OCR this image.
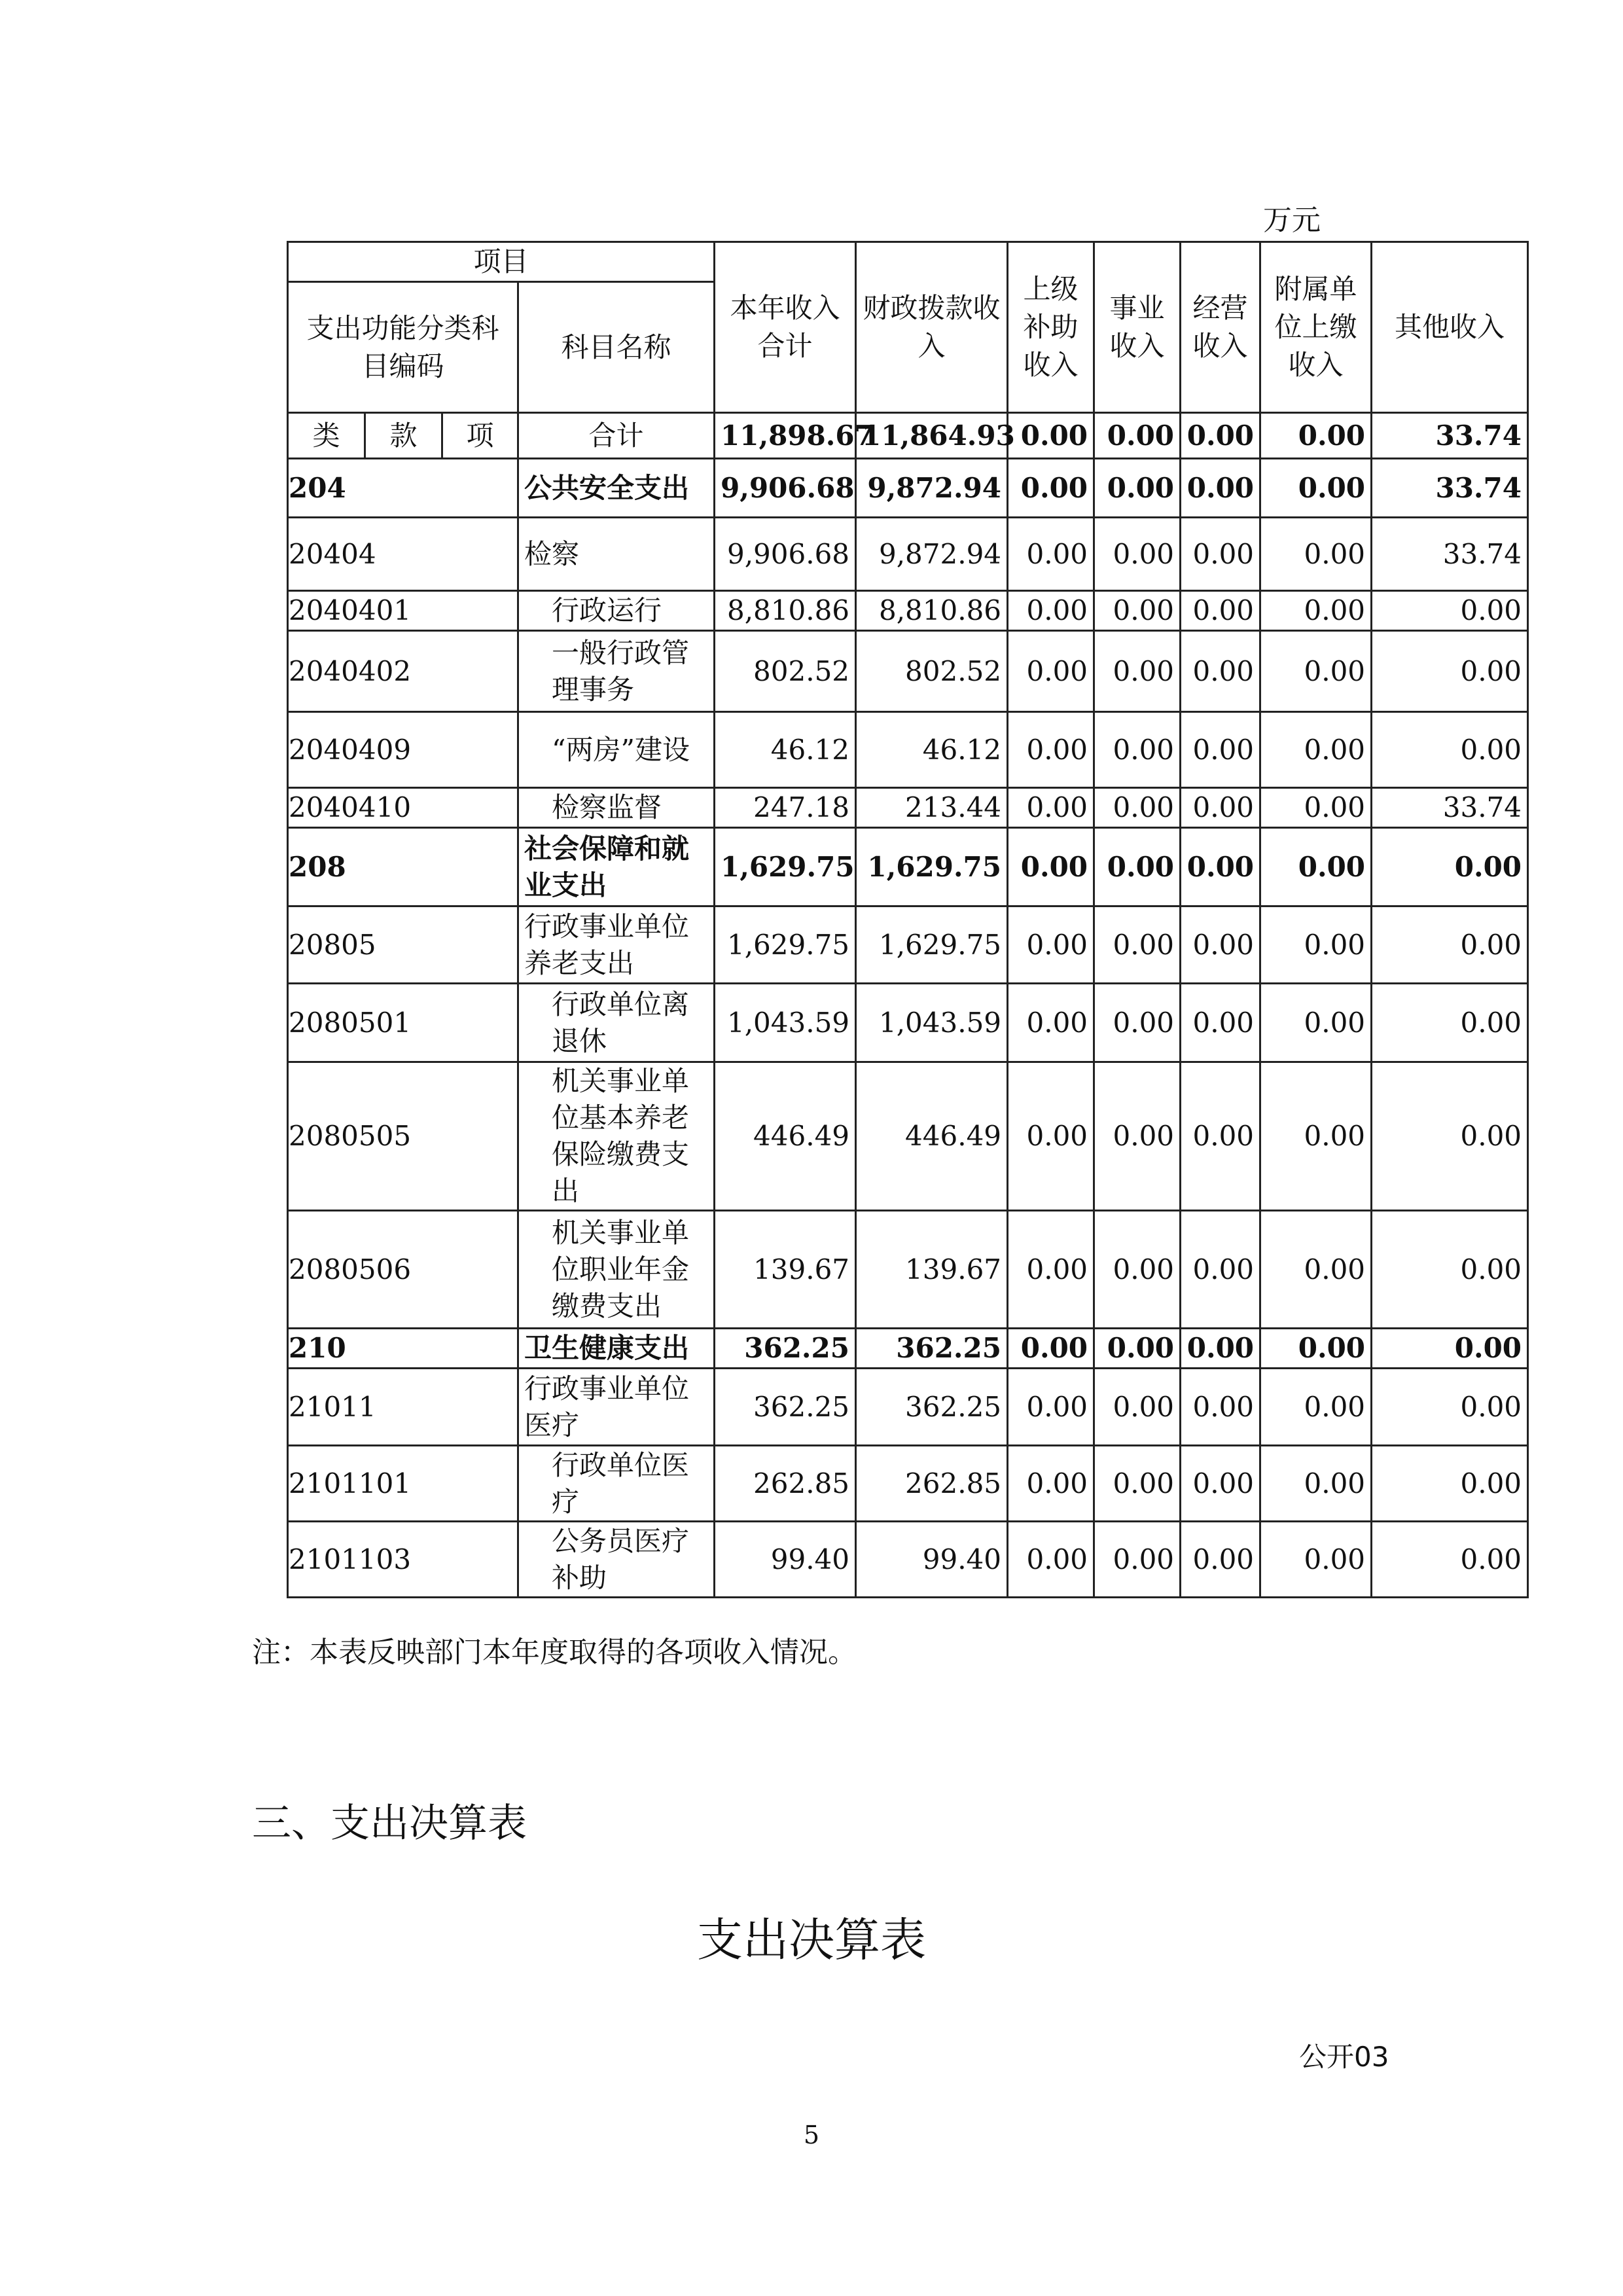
万元
项目				本年收入合计	财政拨款收入	上级补助收入	事业收入	经营收入	附属单位上缴收入	其他收入
支出功能分类科目编码			科目名称							
类	款	项	合计	11,898.67	11,864.93	0.00	0.00	0.00	0.00	33.74
204			公共安全支出	9,906.68	9,872.94	0.00	0.00	0.00	0.00	33.74
20404			检察	9,906.68	9,872.94	0.00	0.00	0.00	0.00	33.74
2040401			行政运行	8,810.86	8,810.86	0.00	0.00	0.00	0.00	0.00
2040402			一般行政管理事务	802.52	802.52	0.00	0.00	0.00	0.00	0.00
2040409			“两房”建设	46.12	46.12	0.00	0.00	0.00	0.00	0.00
2040410			检察监督	247.18	213.44	0.00	0.00	0.00	0.00	33.74
208			社会保障和就业支出	1,629.75	1,629.75	0.00	0.00	0.00	0.00	0.00
20805			行政事业单位养老支出	1,629.75	1,629.75	0.00	0.00	0.00	0.00	0.00
2080501			行政单位离退休	1,043.59	1,043.59	0.00	0.00	0.00	0.00	0.00
2080505			机关事业单位基本养老保险缴费支出	446.49	446.49	0.00	0.00	0.00	0.00	0.00
2080506			机关事业单位职业年金缴费支出	139.67	139.67	0.00	0.00	0.00	0.00	0.00
210			卫生健康支出	362.25	362.25	0.00	0.00	0.00	0.00	0.00
21011			行政事业单位医疗	362.25	362.25	0.00	0.00	0.00	0.00	0.00
2101101			行政单位医疗	262.85	262.85	0.00	0.00	0.00	0.00	0.00
2101103			公务员医疗补助	99.40	99.40	0.00	0.00	0.00	0.00	0.00
注：本表反映部门本年度取得的各项收入情况。
三、支出决算表
支出决算表
公开03
5
